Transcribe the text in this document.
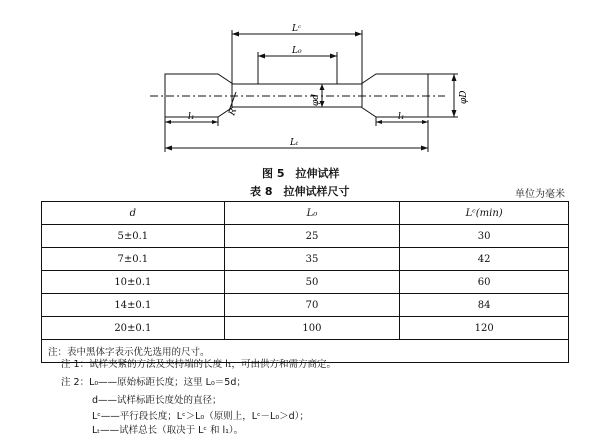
Lₜ
Lᶜ
L₀
l₁	l₁
R
φD
φd
图 5　拉伸试样
表 8　拉伸试样尺寸	单位为毫米
d	L₀	Lᶜ(min)
5±0.1	25	30
7±0.1	35	42
10±0.1	50	60
14±0.1	70	84
20±0.1	100	120
注：表中黑体字表示优先选用的尺寸。		
注 1：试样夹紧的方法及夹持端的长度 l₁，可由供方和需方商定。
注 2：L₀——原始标距长度；这里 L₀＝5d；
d——试样标距长度处的直径；
Lᶜ——平行段长度；Lᶜ＞L₀（原则上，Lᶜ－L₀＞d）；
Lₜ——试样总长（取决于 Lᶜ 和 l₁）。
